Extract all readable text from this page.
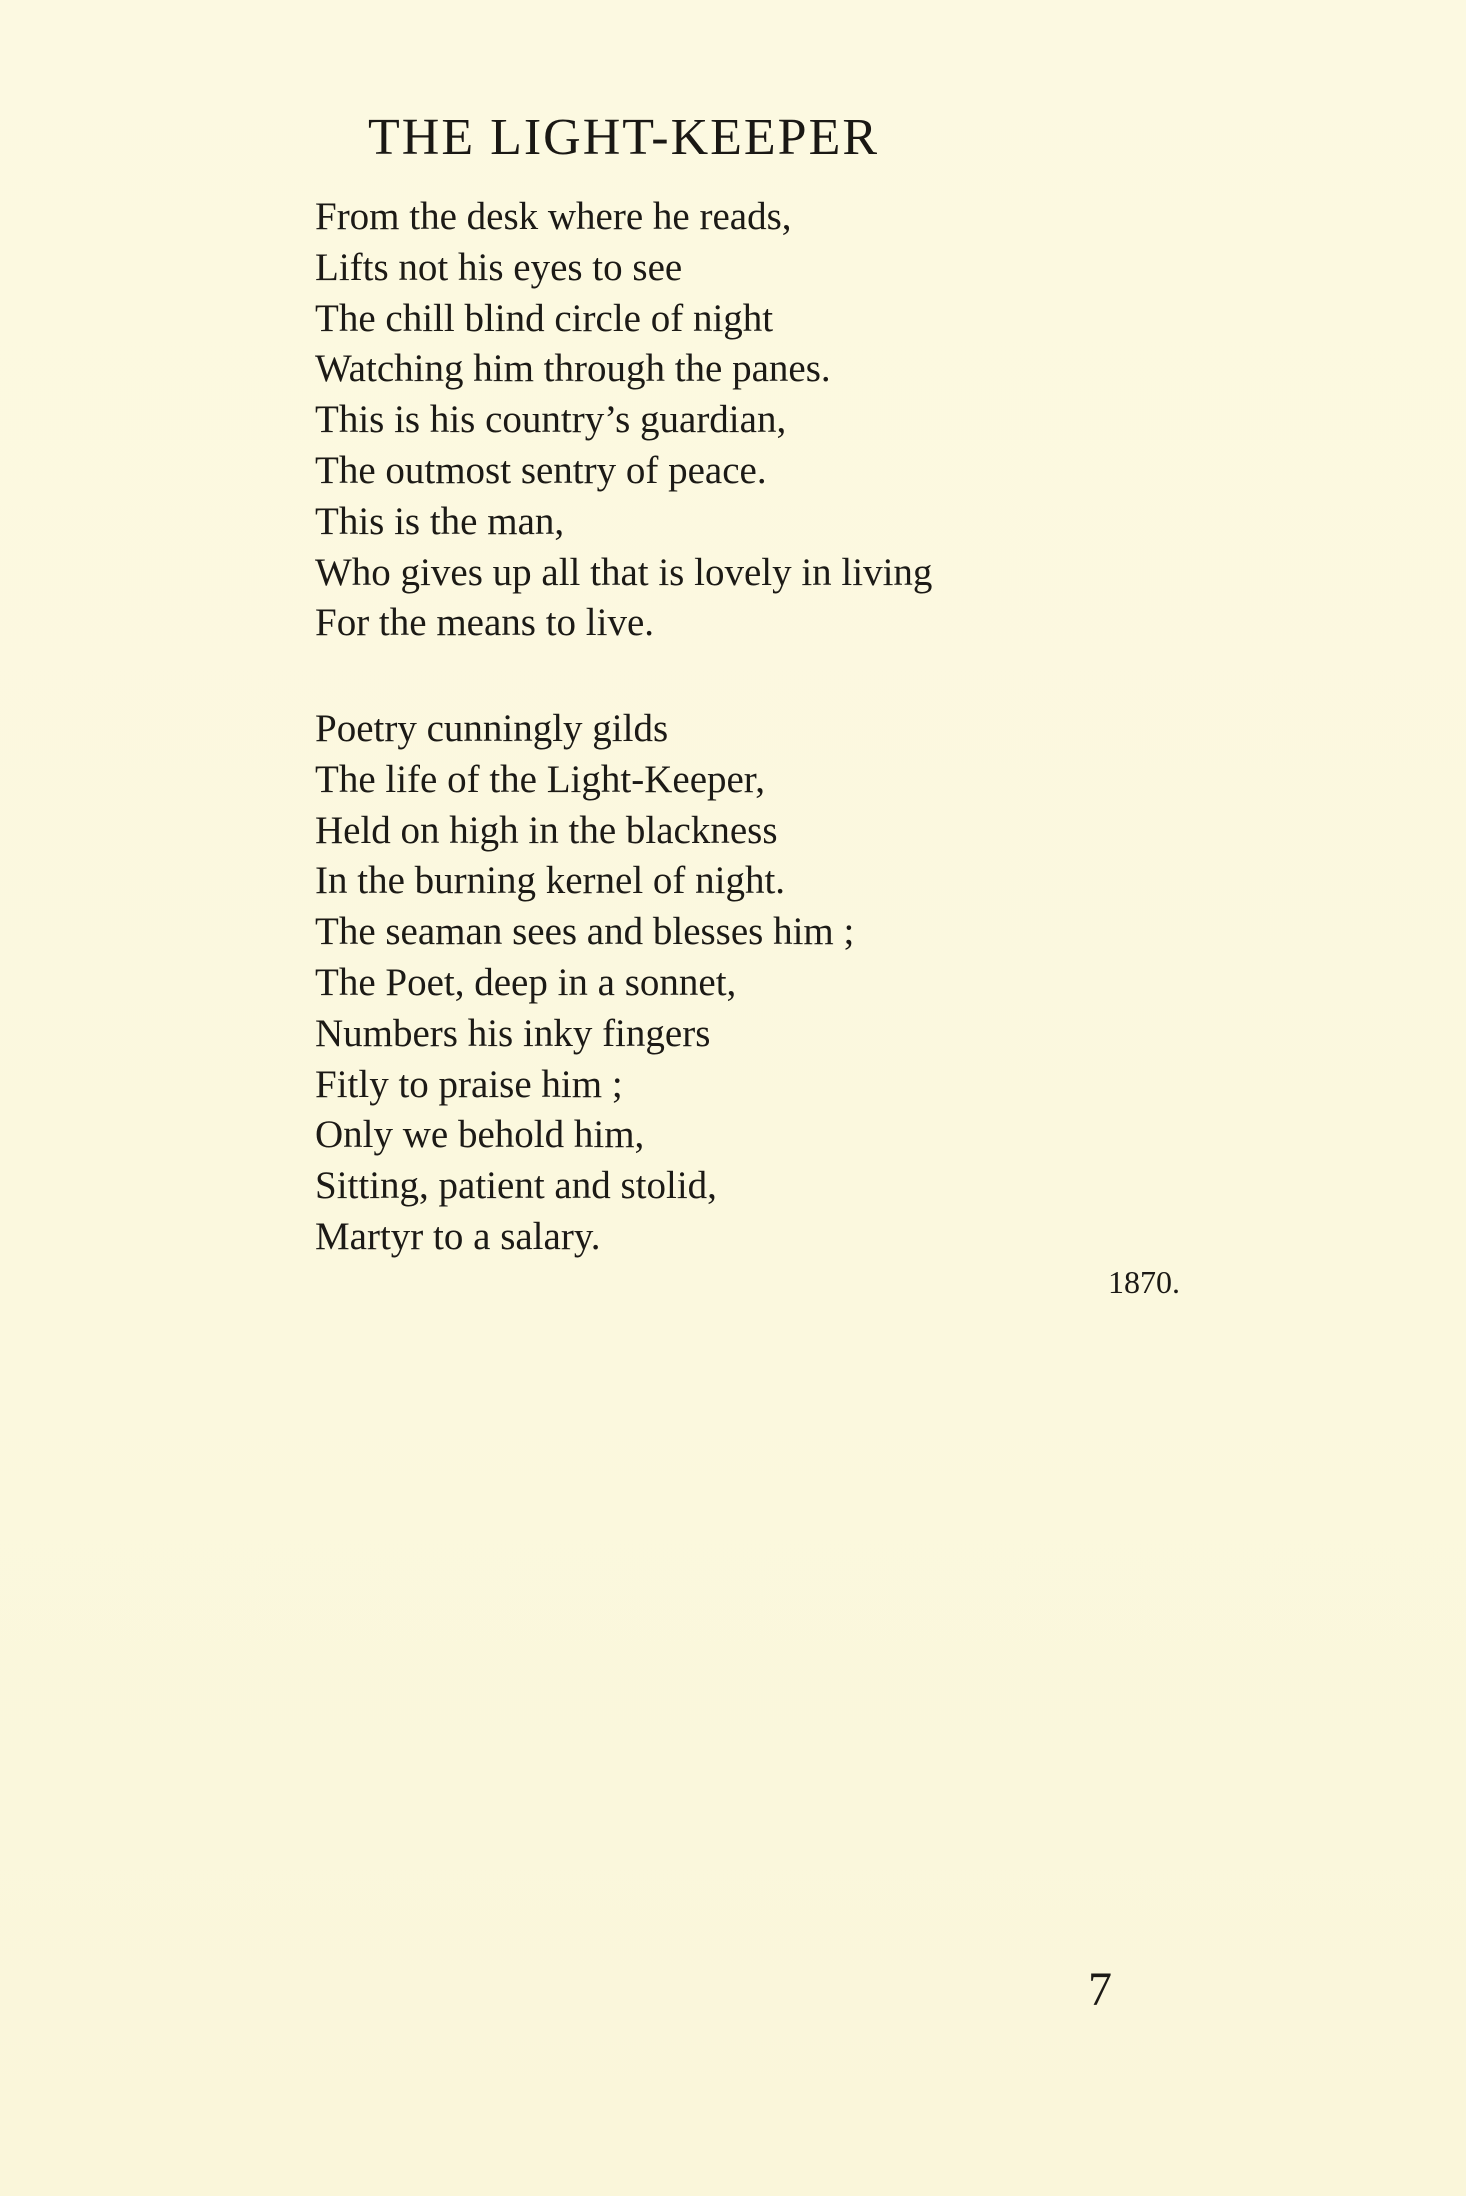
THE LIGHT-KEEPER
From the desk where he reads,
Lifts not his eyes to see
The chill blind circle of night
Watching him through the panes.
This is his country’s guardian,
The outmost sentry of peace.
This is the man,
Who gives up all that is lovely in living
For the means to live.
Poetry cunningly gilds
The life of the Light-Keeper,
Held on high in the blackness
In the burning kernel of night.
The seaman sees and blesses him ;
The Poet, deep in a sonnet,
Numbers his inky fingers
Fitly to praise him ;
Only we behold him,
Sitting, patient and stolid,
Martyr to a salary.
1870.
7
